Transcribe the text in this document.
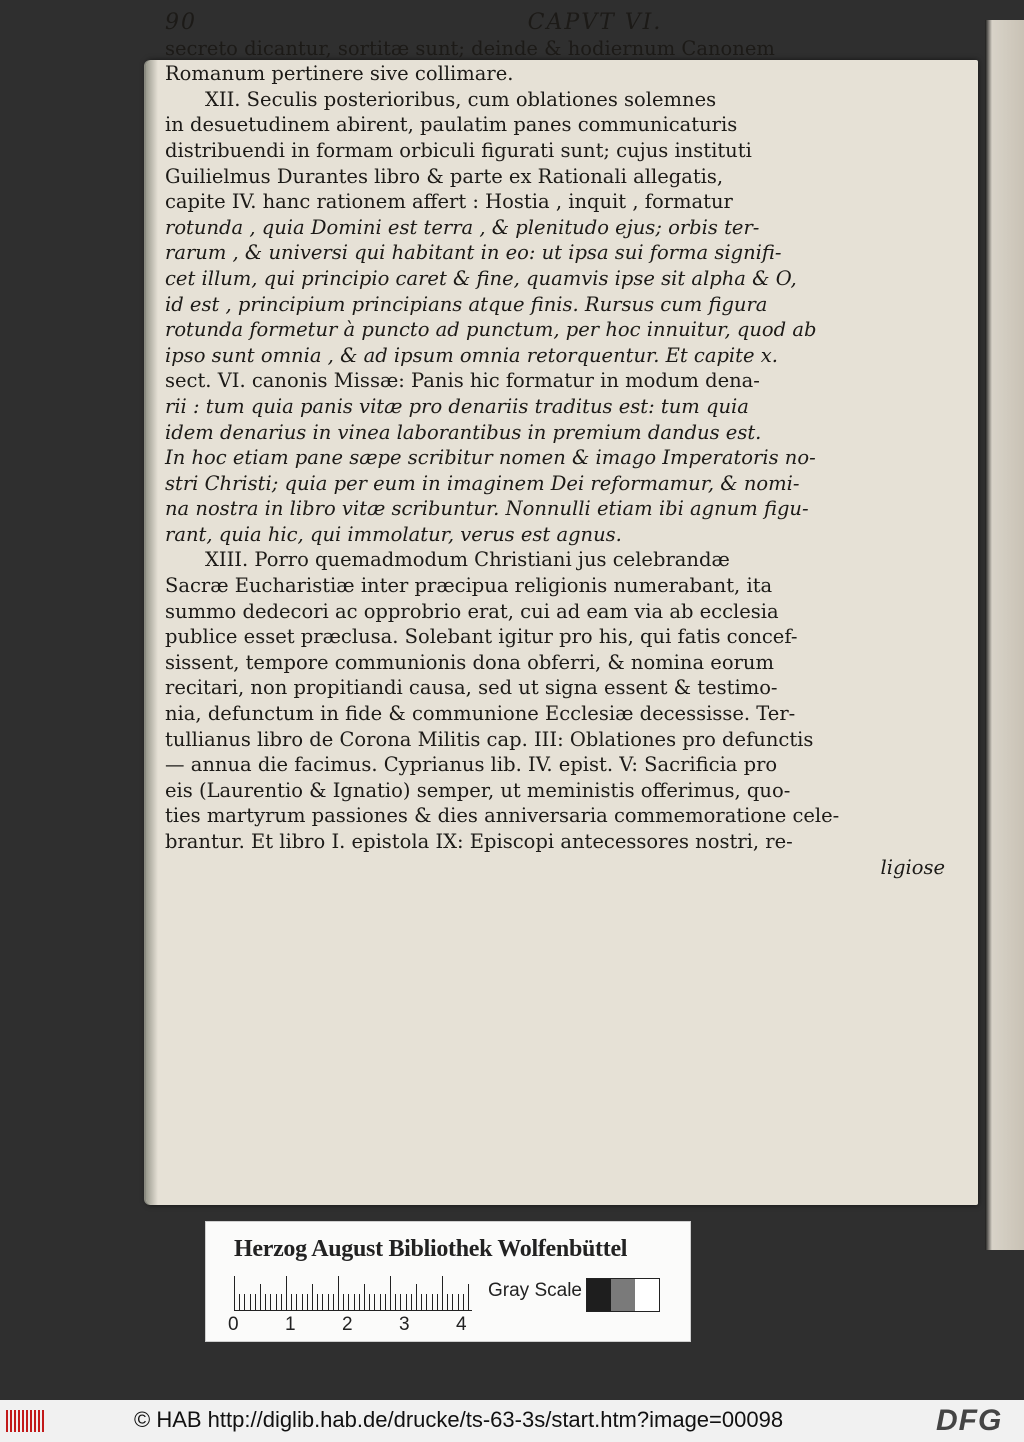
90	CAPVT VI.
secreto dicantur, sortitæ sunt; deinde & hodiernum Canonem
Romanum pertinere sive collimare.
XII. Seculis posterioribus, cum oblationes solemnes
in desuetudinem abirent, paulatim panes communicaturis
distribuendi in formam orbiculi figurati sunt; cujus instituti
Guilielmus Durantes libro & parte ex Rationali allegatis,
capite IV. hanc rationem affert : Hostia , inquit , formatur
rotunda , quia Domini est terra , & plenitudo ejus; orbis ter-
rarum , & universi qui habitant in eo: ut ipsa sui forma signifi-
cet illum, qui principio caret & fine, quamvis ipse sit alpha & O,
id est , principium principians atque finis. Rursus cum figura
rotunda formetur à puncto ad punctum, per hoc innuitur, quod ab
ipso sunt omnia , & ad ipsum omnia retorquentur. Et capite x.
sect. VI. canonis Missæ: Panis hic formatur in modum dena-
rii : tum quia panis vitæ pro denariis traditus est: tum quia
idem denarius in vinea laborantibus in premium dandus est.
In hoc etiam pane sæpe scribitur nomen & imago Imperatoris no-
stri Christi; quia per eum in imaginem Dei reformamur, & nomi-
na nostra in libro vitæ scribuntur. Nonnulli etiam ibi agnum figu-
rant, quia hic, qui immolatur, verus est agnus.
XIII. Porro quemadmodum Christiani jus celebrandæ
Sacræ Eucharistiæ inter præcipua religionis numerabant, ita
summo dedecori ac opprobrio erat, cui ad eam via ab ecclesia
publice esset præclusa. Solebant igitur pro his, qui fatis concef-
sissent, tempore communionis dona obferri, & nomina eorum
recitari, non propitiandi causa, sed ut signa essent & testimo-
nia, defunctum in fide & communione Ecclesiæ decessisse. Ter-
tullianus libro de Corona Militis cap. III: Oblationes pro defunctis
— annua die facimus. Cyprianus lib. IV. epist. V: Sacrificia pro
eis (Laurentio & Ignatio) semper, ut meministis offerimus, quo-
ties martyrum passiones & dies anniversaria commemoratione cele-
brantur. Et libro I. epistola IX: Episcopi antecessores nostri, re-
ligiose
Herzog August Bibliothek Wolfenbüttel
0 1 2 3 4
Gray Scale
© HAB http://diglib.hab.de/drucke/ts-63-3s/start.htm?image=00098	DFG
